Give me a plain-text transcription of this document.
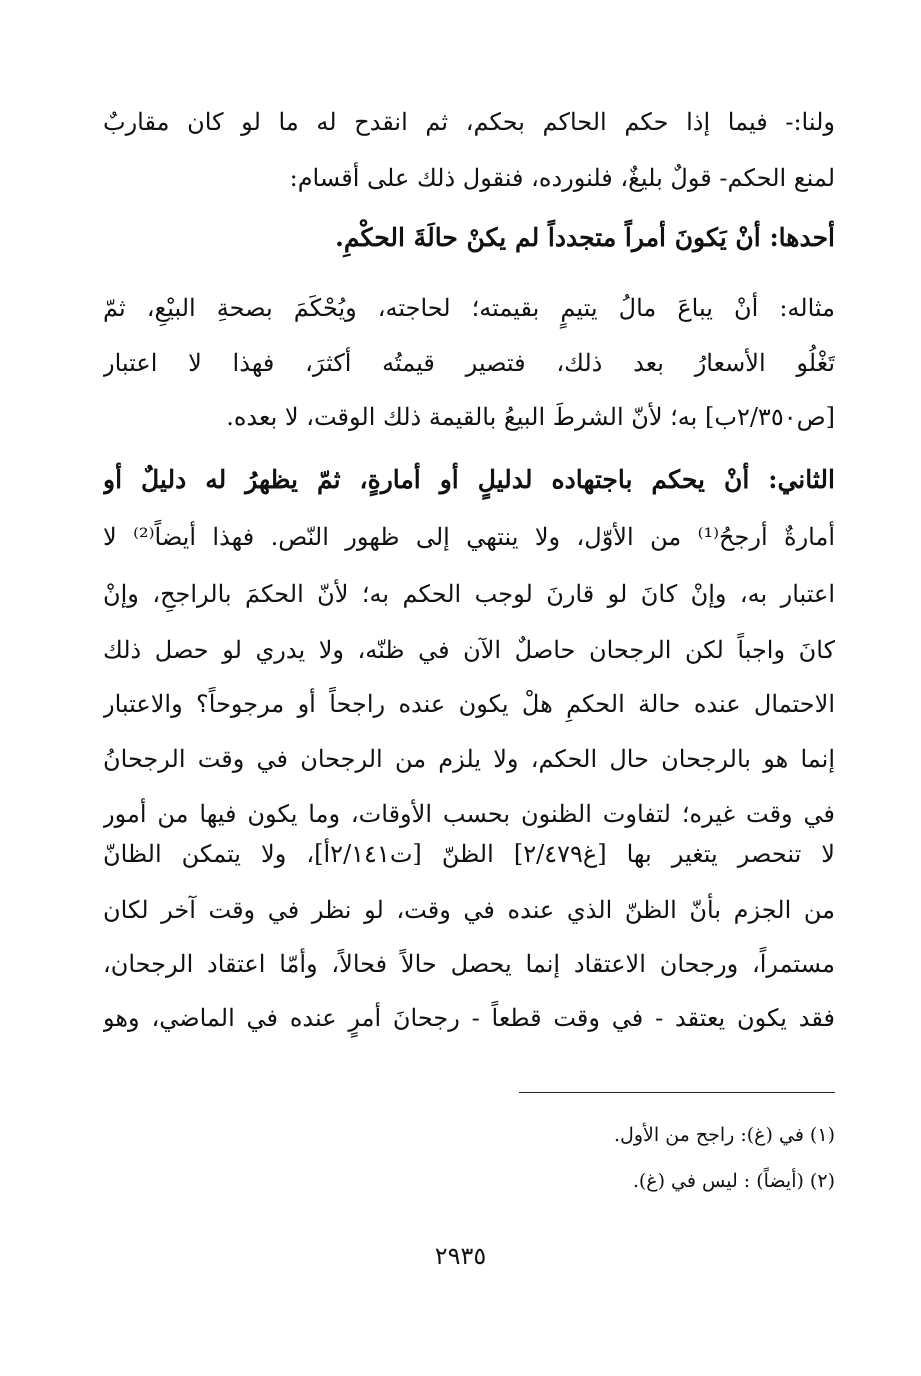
ولنا:- فيما إذا حكم الحاكم بحكم، ثم انقدح له ما لو كان مقاربٌ
لمنع الحكم- قولٌ بليغٌ، فلنورده، فنقول ذلك على أقسام:
أحدها: أنْ يَكونَ أمراً متجدداً لم يكنْ حالَةَ الحكْمِ.
مثاله: أنْ يباعَ مالُ يتيمٍ بقيمته؛ لحاجته، ويُحْكَمَ بصحةِ البيْعِ، ثمّ
تَغْلُو الأسعارُ بعد ذلك، فتصير قيمتُه أكثرَ، فهذا لا اعتبار
[ص٢/٣٥٠ب] به؛ لأنّ الشرطَ البيعُ بالقيمة ذلك الوقت، لا بعده.
الثاني: أنْ يحكم باجتهاده لدليلٍ أو أمارةٍ، ثمّ يظهرُ له دليلٌ أو
أمارةٌ أرجحُ⁽¹⁾ من الأوّل، ولا ينتهي إلى ظهور النّص. فهذا أيضاً⁽²⁾ لا
اعتبار به، وإنْ كانَ لو قارنَ لوجب الحكم به؛ لأنّ الحكمَ بالراجحِ، وإنْ
كانَ واجباً لكن الرجحان حاصلٌ الآن في ظنّه، ولا يدري لو حصل ذلك
الاحتمال عنده حالة الحكمِ هلْ يكون عنده راجحاً أو مرجوحاً؟ والاعتبار
إنما هو بالرجحان حال الحكم، ولا يلزم من الرجحان في وقت الرجحانُ
في وقت غيره؛ لتفاوت الظنون بحسب الأوقات، وما يكون فيها من أمور
لا تنحصر يتغير بها [غ٢/٤٧٩] الظنّ [ت٢/١٤١أ]، ولا يتمكن الظانّ
من الجزم بأنّ الظنّ الذي عنده في وقت، لو نظر في وقت آخر لكان
مستمراً، ورجحان الاعتقاد إنما يحصل حالاً فحالاً، وأمّا اعتقاد الرجحان،
فقد يكون يعتقد - في وقت قطعاً - رجحانَ أمرٍ عنده في الماضي، وهو
(١) في (غ): راجح من الأول.
(٢) (أيضاً) : ليس في (غ).
٢٩٣٥
